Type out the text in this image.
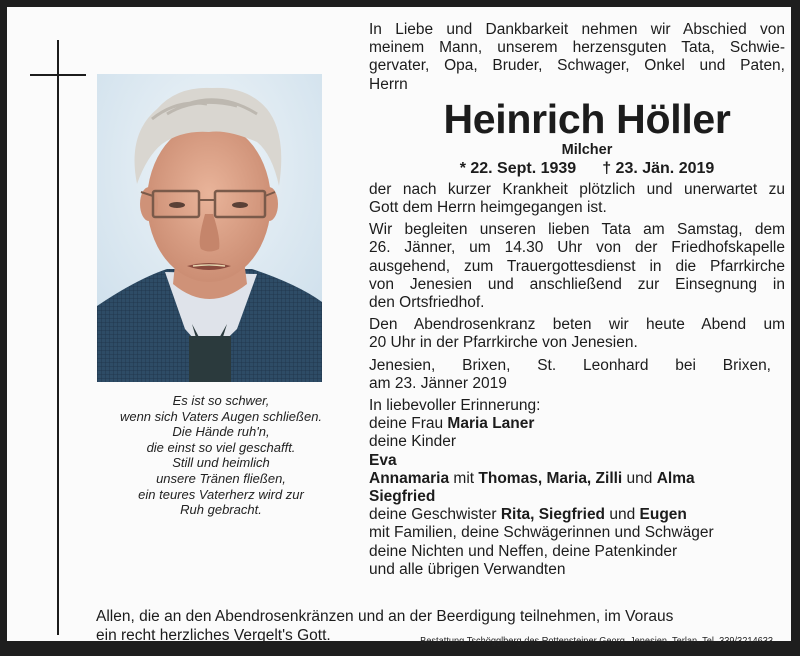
Es ist so schwer,
wenn sich Vaters Augen schließen.
Die Hände ruh'n,
die einst so viel geschafft.
Still und heimlich
unsere Tränen fließen,
ein teures Vaterherz wird zur
Ruh gebracht.
In Liebe und Dankbarkeit nehmen wir Abschied von
meinem Mann, unserem herzensguten Tata, Schwie-
gervater, Opa, Bruder, Schwager, Onkel und Paten,
Herrn
Heinrich Höller
Milcher
* 22. Sept. 1939 † 23. Jän. 2019
der nach kurzer Krankheit plötzlich und unerwartet zu
Gott dem Herrn heimgegangen ist.
Wir begleiten unseren lieben Tata am Samstag, dem
26. Jänner, um 14.30 Uhr von der Friedhofskapelle
ausgehend, zum Trauergottesdienst in die Pfarrkirche
von Jenesien und anschließend zur Einsegnung in
den Ortsfriedhof.
Den Abendrosenkranz beten wir heute Abend um
20 Uhr in der Pfarrkirche von Jenesien.
Jenesien, Brixen, St. Leonhard bei Brixen,
am 23. Jänner 2019
In liebevoller Erinnerung:
deine Frau Maria Laner
deine Kinder
Eva
Annamaria mit Thomas, Maria, Zilli und Alma
Siegfried
deine Geschwister Rita, Siegfried und Eugen
mit Familien, deine Schwägerinnen und Schwäger
deine Nichten und Neffen, deine Patenkinder
und alle übrigen Verwandten
Allen, die an den Abendrosenkränzen und an der Beerdigung teilnehmen, im Voraus
ein recht herzliches Vergelt's Gott.	Bestattung Tschögglberg des Rottensteiner Georg, Jenesien, Terlan, Tel. 339/3214633
